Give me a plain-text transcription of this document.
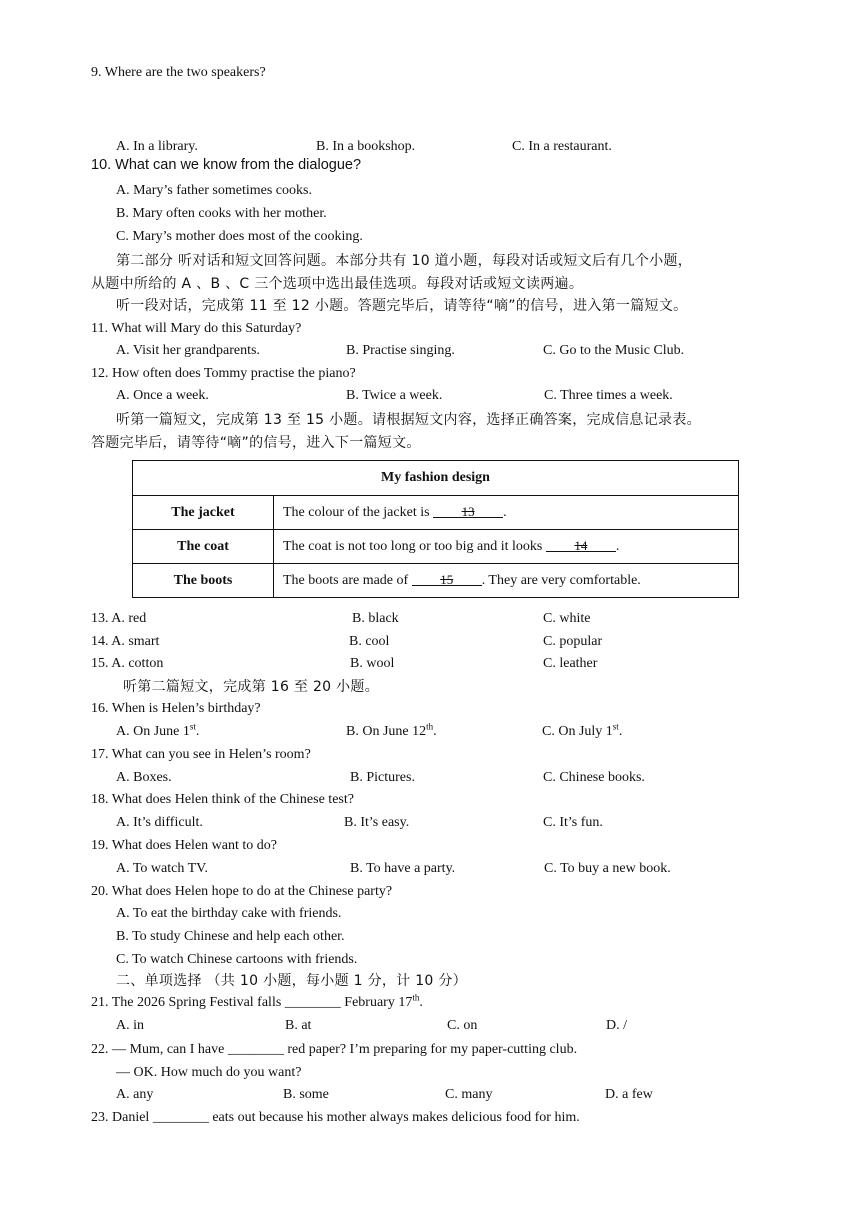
9. Where are the two speakers?
A. In a library.	B. In a bookshop.	C. In a restaurant.
10. What can we know from the dialogue?
A. Mary’s father sometimes cooks.
B. Mary often cooks with her mother.
C. Mary’s mother does most of the cooking.
第二部分 听对话和短文回答问题。本部分共有 10 道小题，每段对话或短文后有几个小题，
从题中所给的 A 、B 、C 三个选项中选出最佳选项。每段对话或短文读两遍。
听一段对话，完成第 11 至 12 小题。答题完毕后，请等待“嘀”的信号，进入第一篇短文。
11. What will Mary do this Saturday?
A. Visit her grandparents.	B. Practise singing.	C. Go to the Music Club.
12. How often does Tommy practise the piano?
A. Once a week.	B. Twice a week.	C. Three times a week.
听第一篇短文，完成第 13 至 15 小题。请根据短文内容，选择正确答案，完成信息记录表。
答题完毕后，请等待“嘀”的信号，进入下一篇短文。
My fashion design	
The jacket	The colour of the jacket is 13 .
The coat	The coat is not too long or too big and it looks 14 .
The boots	The boots are made of 15 . They are very comfortable.
13. A. red	B. black	C. white
14. A. smart	B. cool	C. popular
15. A. cotton	B. wool	C. leather
听第二篇短文，完成第 16 至 20 小题。
16. When is Helen’s birthday?
A. On June 1st.	B. On June 12th.	C. On July 1st.
17. What can you see in Helen’s room?
A. Boxes.	B. Pictures.	C. Chinese books.
18. What does Helen think of the Chinese test?
A. It’s difficult.	B. It’s easy.	C. It’s fun.
19. What does Helen want to do?
A. To watch TV.	B. To have a party.	C. To buy a new book.
20. What does Helen hope to do at the Chinese party?
A. To eat the birthday cake with friends.
B. To study Chinese and help each other.
C. To watch Chinese cartoons with friends.
二、单项选择 （共 10 小题，每小题 1 分，计 10 分）
21. The 2026 Spring Festival falls ________ February 17th.
A. in	B. at	C. on	D. /
22. — Mum, can I have ________ red paper? I’m preparing for my paper-cutting club.
— OK. How much do you want?
A. any	B. some	C. many	D. a few
23. Daniel ________ eats out because his mother always makes delicious food for him.
